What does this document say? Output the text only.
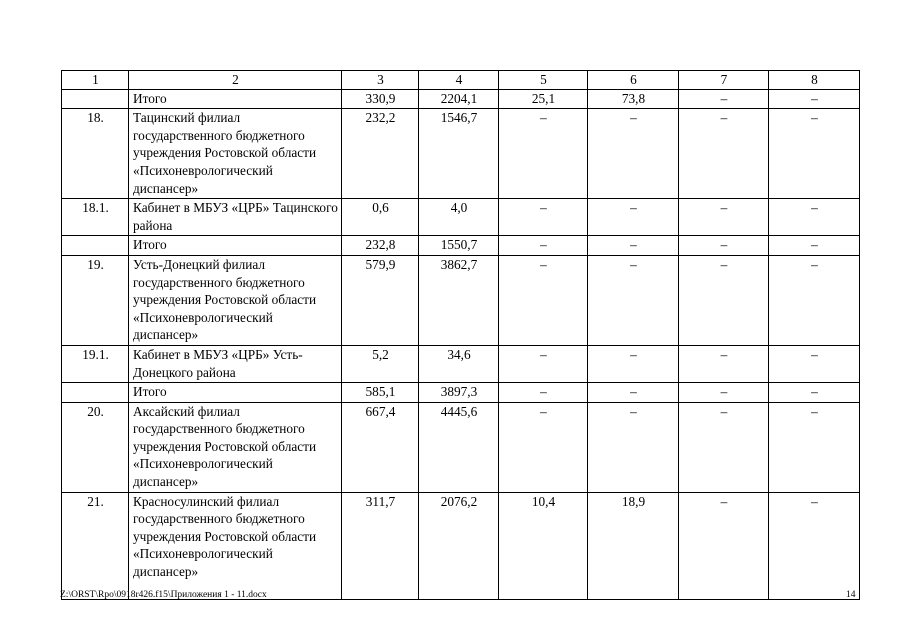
1	2	3	4	5	6	7	8
	Итого	330,9	2204,1	25,1	73,8	–	–
18.	Тацинский филиал государственного бюджетного учреждения Ростовской области «Психоневрологический диспансер»	232,2	1546,7	–	–	–	–
18.1.	Кабинет в МБУЗ «ЦРБ» Тацинского района	0,6	4,0	–	–	–	–
	Итого	232,8	1550,7	–	–	–	–
19.	Усть-Донецкий филиал государственного бюджетного учреждения Ростовской области «Психоневрологический диспансер»	579,9	3862,7	–	–	–	–
19.1.	Кабинет в МБУЗ «ЦРБ» Усть-Донецкого района	5,2	34,6	–	–	–	–
	Итого	585,1	3897,3	–	–	–	–
20.	Аксайский филиал государственного бюджетного учреждения Ростовской области «Психоневрологический диспансер»	667,4	4445,6	–	–	–	–
21.	Красносулинский филиал государственного бюджетного учреждения Ростовской области «Психоневрологический диспансер»	311,7	2076,2	10,4	18,9	–	–
Z:\ORST\Rpo\0918r426.f15\Приложения 1 - 11.docx	14
